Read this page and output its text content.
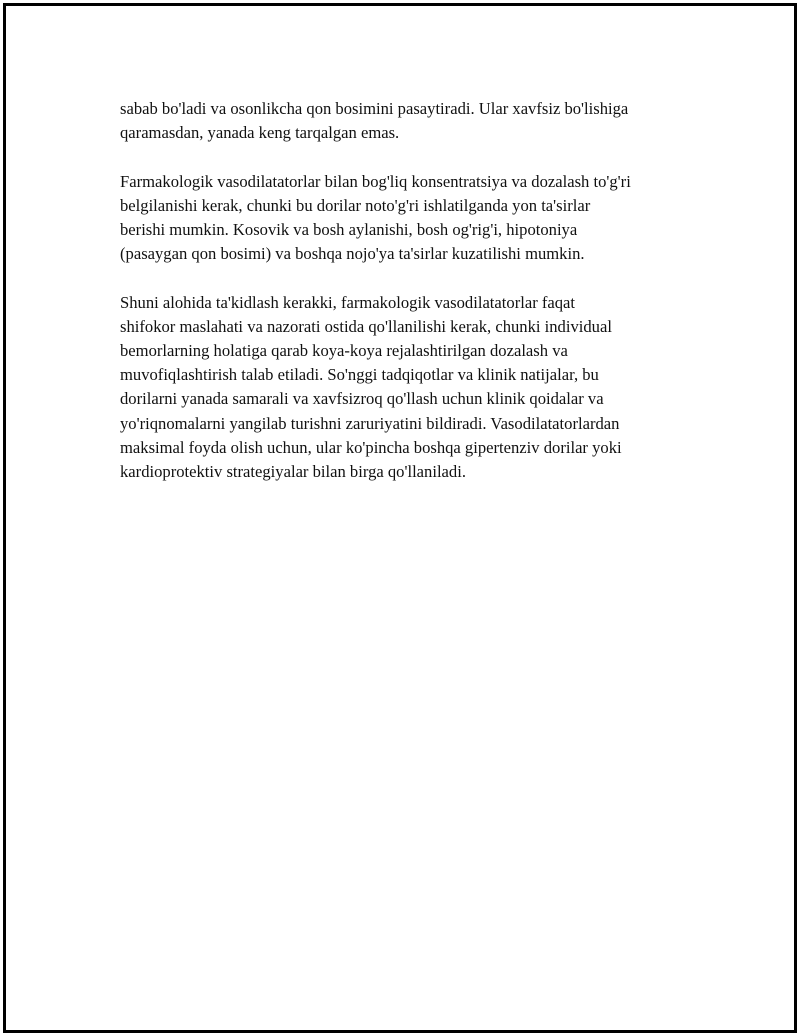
sabab bo'ladi va osonlikcha qon bosimini pasaytiradi. Ular xavfsiz bo'lishiga
qaramasdan, yanada keng tarqalgan emas.

Farmakologik vasodilatatorlar bilan bog'liq konsentratsiya va dozalash to'g'ri
belgilanishi kerak, chunki bu dorilar noto'g'ri ishlatilganda yon ta'sirlar
berishi mumkin. Kosovik va bosh aylanishi, bosh og'rig'i, hipotoniya
(pasaygan qon bosimi) va boshqa nojo'ya ta'sirlar kuzatilishi mumkin.

Shuni alohida ta'kidlash kerakki, farmakologik vasodilatatorlar faqat
shifokor maslahati va nazorati ostida qo'llanilishi kerak, chunki individual
bemorlarning holatiga qarab koya-koya rejalashtirilgan dozalash va
muvofiqlashtirish talab etiladi. So'nggi tadqiqotlar va klinik natijalar, bu
dorilarni yanada samarali va xavfsizroq qo'llash uchun klinik qoidalar va
yo'riqnomalarni yangilab turishni zaruriyatini bildiradi. Vasodilatatorlardan
maksimal foyda olish uchun, ular ko'pincha boshqa gipertenziv dorilar yoki
kardioprotektiv strategiyalar bilan birga qo'llaniladi.
